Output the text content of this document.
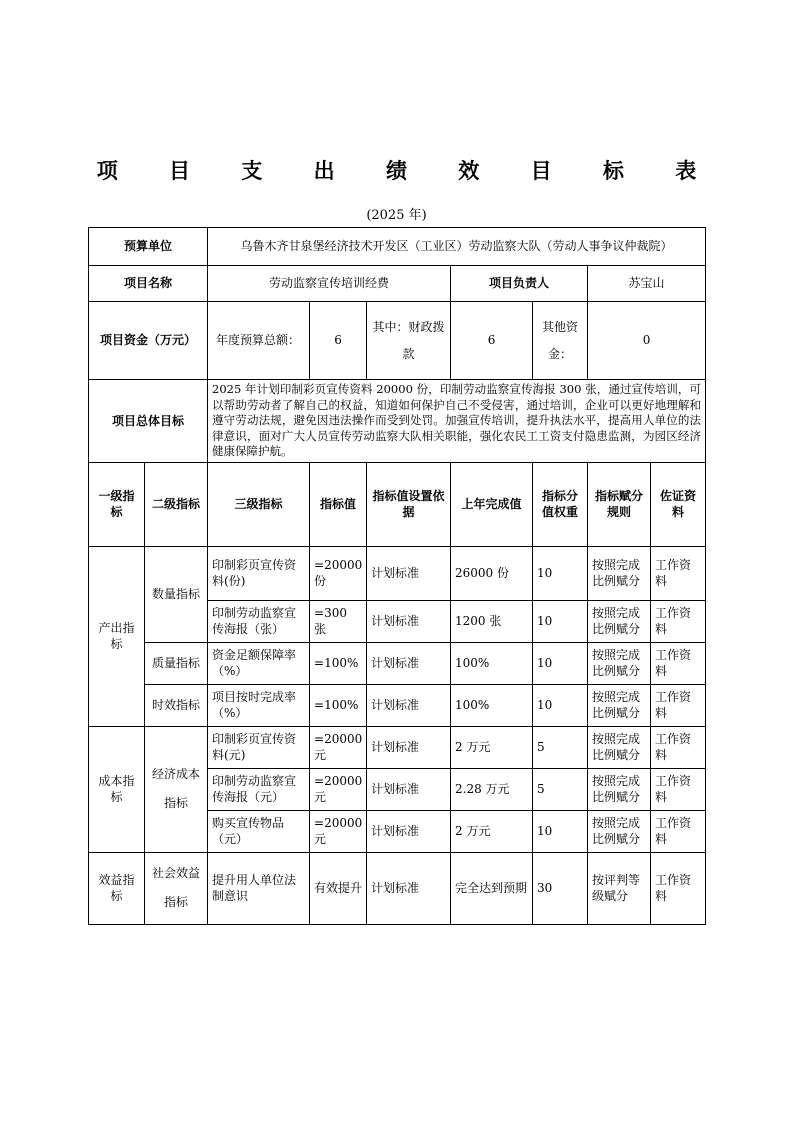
项 目 支 出 绩 效 目 标 表
(2025 年)
预算单位		乌鲁木齐甘泉堡经济技术开发区（工业区）劳动监察大队（劳动人事争议仲裁院）						
项目名称		劳动监察宣传培训经费			项目负责人		苏宝山	
项目资金（万元）		年度预算总额：	6	其中：财政拨款	6	其他资金：	0	
项目总体目标		2025 年计划印制彩页宣传资料 20000 份，印制劳动监察宣传海报 300 张，通过宣传培训，可以帮助劳动者了解自己的权益，知道如何保护自己不受侵害，通过培训，企业可以更好地理解和遵守劳动法规，避免因违法操作而受到处罚。加强宣传培训，提升执法水平，提高用人单位的法律意识，面对广大人员宣传劳动监察大队相关职能，强化农民工工资支付隐患监测，为园区经济健康保障护航。						
一级指标	二级指标	三级指标	指标值	指标值设置依据	上年完成值	指标分值权重	指标赋分规则	佐证资料
产出指标	数量指标	印制彩页宣传资料(份)	=20000份	计划标准	26000 份	10	按照完成比例赋分	工作资料
		印制劳动监察宣传海报（张）	=300 张	计划标准	1200 张	10	按照完成比例赋分	工作资料
	质量指标	资金足额保障率（%）	=100%	计划标准	100%	10	按照完成比例赋分	工作资料
	时效指标	项目按时完成率（%）	=100%	计划标准	100%	10	按照完成比例赋分	工作资料
成本指标	经济成本指标	印制彩页宣传资料(元)	=20000元	计划标准	2 万元	5	按照完成比例赋分	工作资料
		印制劳动监察宣传海报（元）	=20000元	计划标准	2.28 万元	5	按照完成比例赋分	工作资料
		购买宣传物品（元）	=20000元	计划标准	2 万元	10	按照完成比例赋分	工作资料
效益指标	社会效益指标	提升用人单位法制意识	有效提升	计划标准	完全达到预期	30	按评判等级赋分	工作资料
